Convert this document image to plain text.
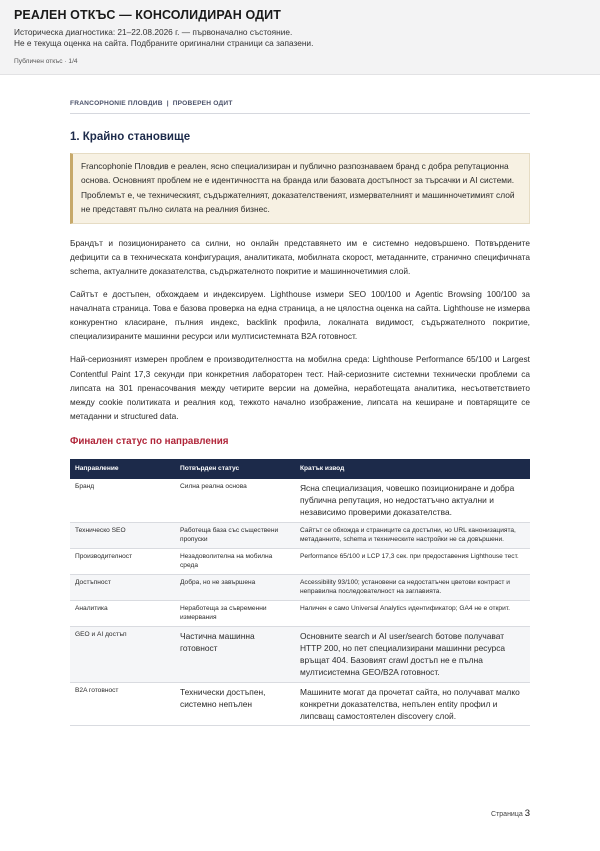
РЕАЛЕН ОТКЪС — КОНСОЛИДИРАН ОДИТ
Историческа диагностика: 21–22.08.2026 г. — първоначално състояние.
Не е текуща оценка на сайта. Подбраните оригинални страници са запазени.
Публичен откъс · 1/4
FRANCOPHONIE ПЛОВДИВ | ПРОВЕРЕН ОДИТ
1. Крайно становище
Francophonie Пловдив е реален, ясно специализиран и публично разпознаваем бранд с добра репутационна основа. Основният проблем не е идентичността на бранда или базовата достъпност за търсачки и AI системи. Проблемът е, че техническият, съдържателният, доказателственият, измервателният и машинночетимият слой не представят пълно силата на реалния бизнес.

Брандът и позиционирането са силни, но онлайн представянето им е системно недовършено. Потвърдените дефицити са в техническата конфигурация, аналитиката, мобилната скорост, метаданните, странично специфичната schema, актуалните доказателства, съдържателното покритие и машинночетимия слой.

Сайтът е достъпен, обхождаем и индексируем. Lighthouse измери SEO 100/100 и Agentic Browsing 100/100 за началната страница. Това е базова проверка на една страница, а не цялостна оценка на сайта. Lighthouse не измерва конкурентно класиране, пълния индекс, backlink профила, локалната видимост, съдържателното покритие, специализираните машинни ресурси или мултисистемната B2A готовност.

Най-сериозният измерен проблем е производителността на мобилна среда: Lighthouse Performance 65/100 и Largest Contentful Paint 17,3 секунди при конкретния лабораторен тест. Най-сериозните системни технически проблеми са липсата на 301 пренасочвания между четирите версии на домейна, неработещата аналитика, несъответствието между cookie политиката и реалния код, тежкото начално изображение, липсата на кеширане и повтарящите се метаданни и structured data.

Финален статус по направления
Направление	Потвърден статус	Кратък извод
Бранд	Силна реална основа	Ясна специализация, човешко позициониране и добра публична репутация, но недостатъчно актуални и независимо проверими доказателства.
Техническо SEO	Работеща база със съществени пропуски	Сайтът се обхожда и страниците са достъпни, но URL канонизацията, метаданните, schema и техническите настройки не са довършени.
Производителност	Незадоволителна на мобилна среда	Performance 65/100 и LCP 17,3 сек. при предоставения Lighthouse тест.
Достъпност	Добра, но не завършена	Accessibility 93/100; установени са недостатъчен цветови контраст и неправилна последователност на заглавията.
Аналитика	Неработеща за съвременни измервания	Наличен е само Universal Analytics идентификатор; GA4 не е открит.
GEO и AI достъп	Частична машинна готовност	Основните search и AI user/search ботове получават HTTP 200, но пет специализирани машинни ресурса връщат 404. Базовият crawl достъп не е пълна мултисистемна GEO/B2A готовност.
B2A готовност	Технически достъпен, системно непълен	Машините могат да прочетат сайта, но получават малко конкретни доказателства, непълен entity профил и липсващ самостоятелен discovery слой.
Страница 3
